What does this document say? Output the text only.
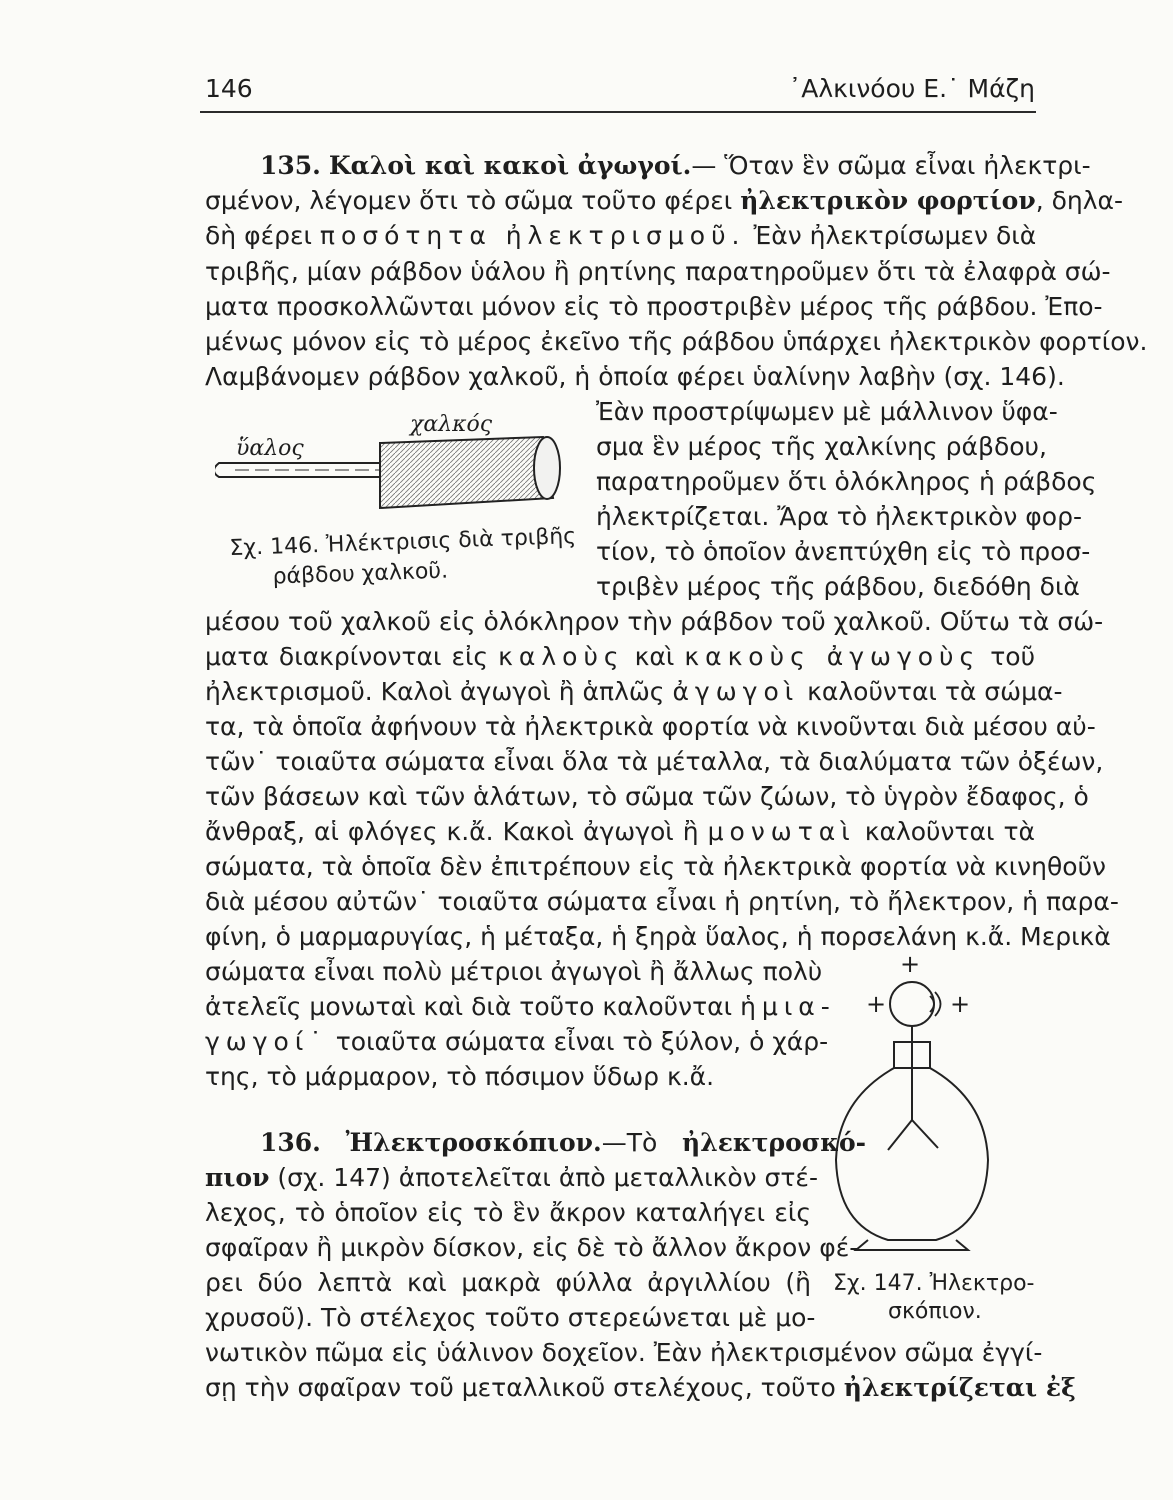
146	᾿Αλκινόου Ε.˙ Μάζη
135. Καλοὶ καὶ κακοὶ ἀγωγοί.— Ὅταν ἓν σῶμα εἶναι ἠλεκτρι-
σμένον, λέγομεν ὅτι τὸ σῶμα τοῦτο φέρει ἠλεκτρικὸν φορτίον, δηλα-
δὴ φέρει ποσότητα ἠλεκτρισμοῦ. Ἐὰν ἠλεκτρίσωμεν διὰ
τριβῆς, μίαν ράβδον ὑάλου ἢ ρητίνης παρατηροῦμεν ὅτι τὰ ἐλαφρὰ σώ-
ματα προσκολλῶνται μόνον εἰς τὸ προστριβὲν μέρος τῆς ράβδου. Ἐπο-
μένως μόνον εἰς τὸ μέρος ἐκεῖνο τῆς ράβδου ὑπάρχει ἠλεκτρικὸν φορτίον.
Λαμβάνομεν ράβδον χαλκοῦ, ἡ ὁποία φέρει ὑαλίνην λαβὴν (σχ. 146).
Ἐὰν προστρίψωμεν μὲ μάλλινον ὕφα-
σμα ἓν μέρος τῆς χαλκίνης ράβδου,
παρατηροῦμεν ὅτι ὁλόκληρος ἡ ράβδος
ἠλεκτρίζεται. Ἄρα τὸ ἠλεκτρικὸν φορ-
τίον, τὸ ὁποῖον ἀνεπτύχθη εἰς τὸ προσ-
τριβὲν μέρος τῆς ράβδου, διεδόθη διὰ
χαλκός
ὕαλος
Σχ. 146. Ἠλέκτρισις διὰ τριβῆς
ράβδου χαλκοῦ.
μέσου τοῦ χαλκοῦ εἰς ὁλόκληρον τὴν ράβδον τοῦ χαλκοῦ. Οὕτω τὰ σώ-
ματα διακρίνονται εἰς καλοὺς καὶ κακοὺς ἀγωγοὺς τοῦ
ἠλεκτρισμοῦ. Καλοὶ ἀγωγοὶ ἢ ἁπλῶς ἀγωγοὶ καλοῦνται τὰ σώμα-
τα, τὰ ὁποῖα ἀφήνουν τὰ ἠλεκτρικὰ φορτία νὰ κινοῦνται διὰ μέσου αὐ-
τῶν˙ τοιαῦτα σώματα εἶναι ὅλα τὰ μέταλλα, τὰ διαλύματα τῶν ὀξέων,
τῶν βάσεων καὶ τῶν ἁλάτων, τὸ σῶμα τῶν ζώων, τὸ ὑγρὸν ἔδαφος, ὁ
ἄνθραξ, αἱ φλόγες κ.ἄ. Κακοὶ ἀγωγοὶ ἢ μονωταὶ καλοῦνται τὰ
σώματα, τὰ ὁποῖα δὲν ἐπιτρέπουν εἰς τὰ ἠλεκτρικὰ φορτία νὰ κινηθοῦν
διὰ μέσου αὐτῶν˙ τοιαῦτα σώματα εἶναι ἡ ρητίνη, τὸ ἤλεκτρον, ἡ παρα-
φίνη, ὁ μαρμαρυγίας, ἡ μέταξα, ἡ ξηρὰ ὕαλος, ἡ πορσελάνη κ.ἄ. Μερικὰ
σώματα εἶναι πολὺ μέτριοι ἀγωγοὶ ἢ ἄλλως πολὺ
ἀτελεῖς μονωταὶ καὶ διὰ τοῦτο καλοῦνται ἡμια-
γωγοί˙ τοιαῦτα σώματα εἶναι τὸ ξύλον, ὁ χάρ-
της, τὸ μάρμαρον, τὸ πόσιμον ὕδωρ κ.ἄ.
+
+	+
136. Ἠλεκτροσκόπιον.—Τὸ ἠλεκτροσκό-
πιον (σχ. 147) ἀποτελεῖται ἀπὸ μεταλλικὸν στέ-
λεχος, τὸ ὁποῖον εἰς τὸ ἓν ἄκρον καταλήγει εἰς
σφαῖραν ἢ μικρὸν δίσκον, εἰς δὲ τὸ ἄλλον ἄκρον φέ-
ρει δύο λεπτὰ καὶ μακρὰ φύλλα ἀργιλλίου (ἢ
χρυσοῦ). Τὸ στέλεχος τοῦτο στερεώνεται μὲ μο-
Σχ. 147. Ἠλεκτρο-
σκόπιον.
νωτικὸν πῶμα εἰς ὑάλινον δοχεῖον. Ἐὰν ἠλεκτρισμένον σῶμα ἐγγί-
σῃ τὴν σφαῖραν τοῦ μεταλλικοῦ στελέχους, τοῦτο ἠλεκτρίζεται ἐξ
